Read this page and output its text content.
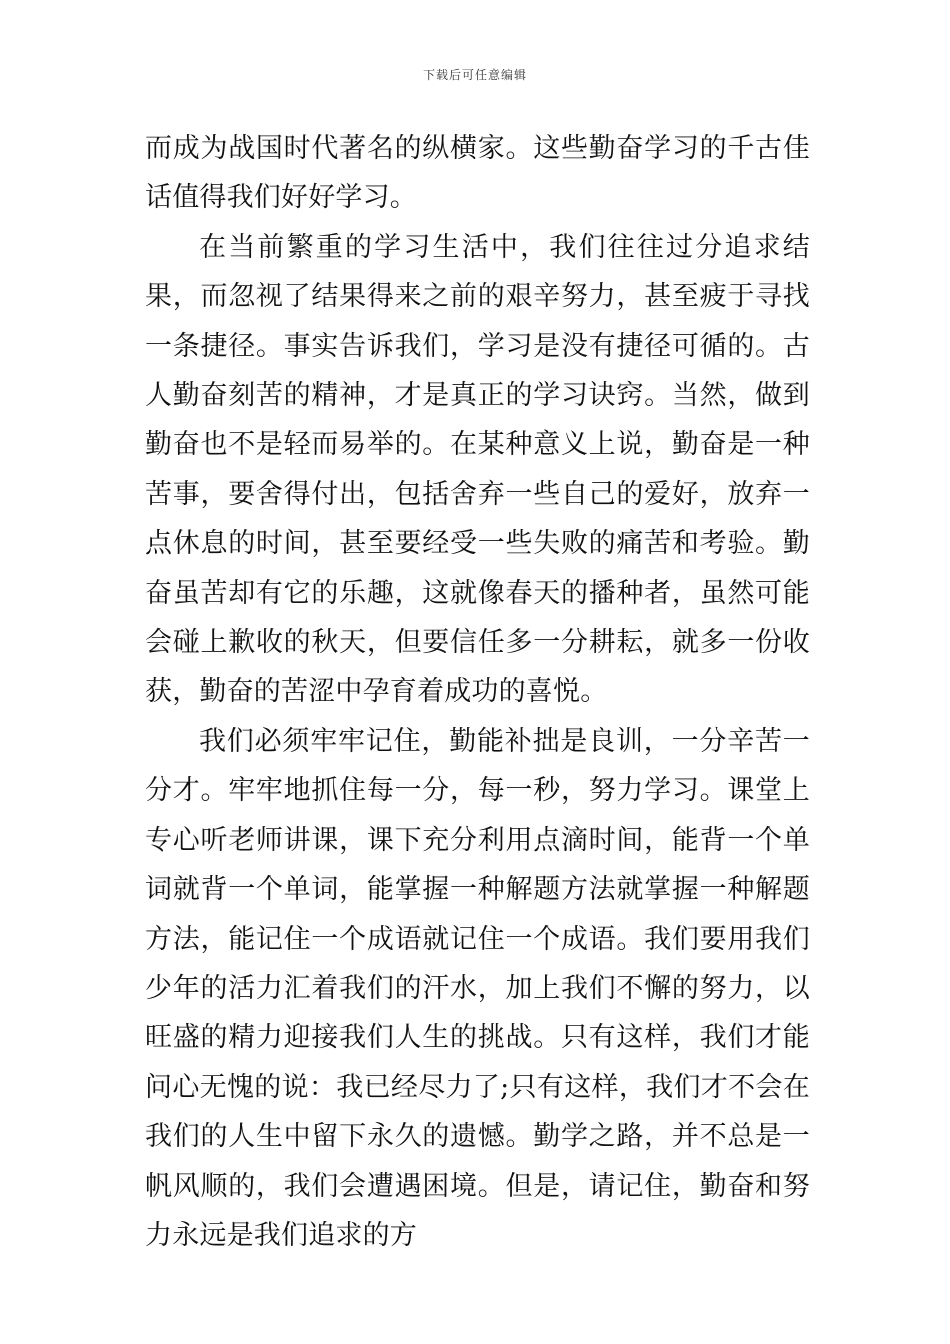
下载后可任意编辑

而成为战国时代著名的纵横家。这些勤奋学习的千古佳话值得我们好好学习。

在当前繁重的学习生活中，我们往往过分追求结果，而忽视了结果得来之前的艰辛努力，甚至疲于寻找一条捷径。事实告诉我们，学习是没有捷径可循的。古人勤奋刻苦的精神，才是真正的学习诀窍。当然，做到勤奋也不是轻而易举的。在某种意义上说，勤奋是一种苦事，要舍得付出，包括舍弃一些自己的爱好，放弃一点休息的时间，甚至要经受一些失败的痛苦和考验。勤奋虽苦却有它的乐趣，这就像春天的播种者，虽然可能会碰上歉收的秋天，但要信任多一分耕耘，就多一份收获，勤奋的苦涩中孕育着成功的喜悦。

我们必须牢牢记住，勤能补拙是良训，一分辛苦一分才。牢牢地抓住每一分，每一秒，努力学习。课堂上专心听老师讲课，课下充分利用点滴时间，能背一个单词就背一个单词，能掌握一种解题方法就掌握一种解题方法，能记住一个成语就记住一个成语。我们要用我们少年的活力汇着我们的汗水，加上我们不懈的努力，以旺盛的精力迎接我们人生的挑战。只有这样，我们才能问心无愧的说：我已经尽力了;只有这样，我们才不会在我们的人生中留下永久的遗憾。勤学之路，并不总是一帆风顺的，我们会遭遇困境。但是，请记住，勤奋和努力永远是我们追求的方
